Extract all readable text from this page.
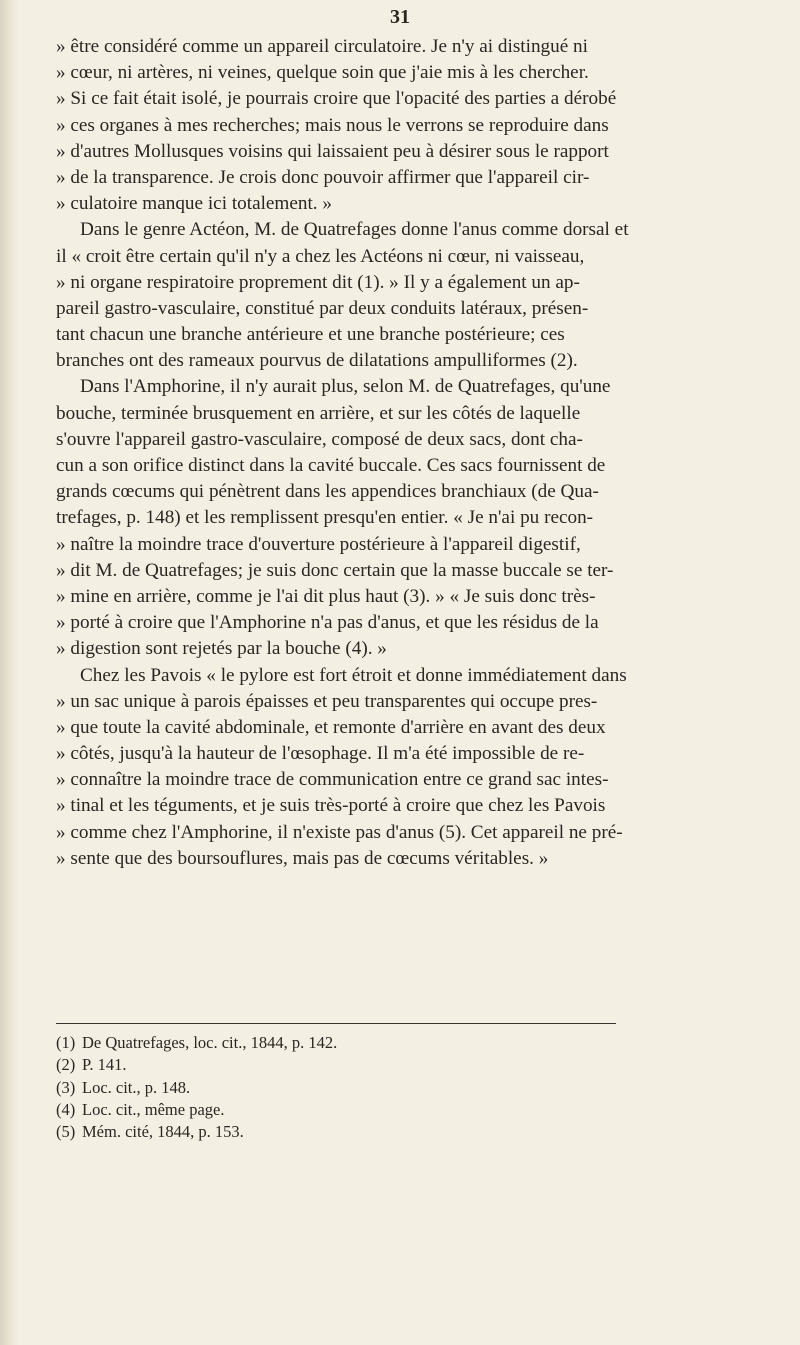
31
» être considéré comme un appareil circulatoire. Je n'y ai distingué ni
» cœur, ni artères, ni veines, quelque soin que j'aie mis à les chercher.
» Si ce fait était isolé, je pourrais croire que l'opacité des parties a dérobé
» ces organes à mes recherches; mais nous le verrons se reproduire dans
» d'autres Mollusques voisins qui laissaient peu à désirer sous le rapport
» de la transparence. Je crois donc pouvoir affirmer que l'appareil cir-
» culatoire manque ici totalement. »
Dans le genre Actéon, M. de Quatrefages donne l'anus comme dorsal et
il « croit être certain qu'il n'y a chez les Actéons ni cœur, ni vaisseau,
» ni organe respiratoire proprement dit (1). » Il y a également un ap-
pareil gastro-vasculaire, constitué par deux conduits latéraux, présen-
tant chacun une branche antérieure et une branche postérieure; ces
branches ont des rameaux pourvus de dilatations ampulliformes (2).
Dans l'Amphorine, il n'y aurait plus, selon M. de Quatrefages, qu'une
bouche, terminée brusquement en arrière, et sur les côtés de laquelle
s'ouvre l'appareil gastro-vasculaire, composé de deux sacs, dont cha-
cun a son orifice distinct dans la cavité buccale. Ces sacs fournissent de
grands cœcums qui pénètrent dans les appendices branchiaux (de Qua-
trefages, p. 148) et les remplissent presqu'en entier. « Je n'ai pu recon-
» naître la moindre trace d'ouverture postérieure à l'appareil digestif,
» dit M. de Quatrefages; je suis donc certain que la masse buccale se ter-
» mine en arrière, comme je l'ai dit plus haut (3). » « Je suis donc très-
» porté à croire que l'Amphorine n'a pas d'anus, et que les résidus de la
» digestion sont rejetés par la bouche (4). »
Chez les Pavois « le pylore est fort étroit et donne immédiatement dans
» un sac unique à parois épaisses et peu transparentes qui occupe pres-
» que toute la cavité abdominale, et remonte d'arrière en avant des deux
» côtés, jusqu'à la hauteur de l'œsophage. Il m'a été impossible de re-
» connaître la moindre trace de communication entre ce grand sac intes-
» tinal et les téguments, et je suis très-porté à croire que chez les Pavois
» comme chez l'Amphorine, il n'existe pas d'anus (5). Cet appareil ne pré-
» sente que des boursouflures, mais pas de cœcums véritables. »
(1) De Quatrefages, loc. cit., 1844, p. 142.
(2) P. 141.
(3) Loc. cit., p. 148.
(4) Loc. cit., même page.
(5) Mém. cité, 1844, p. 153.
